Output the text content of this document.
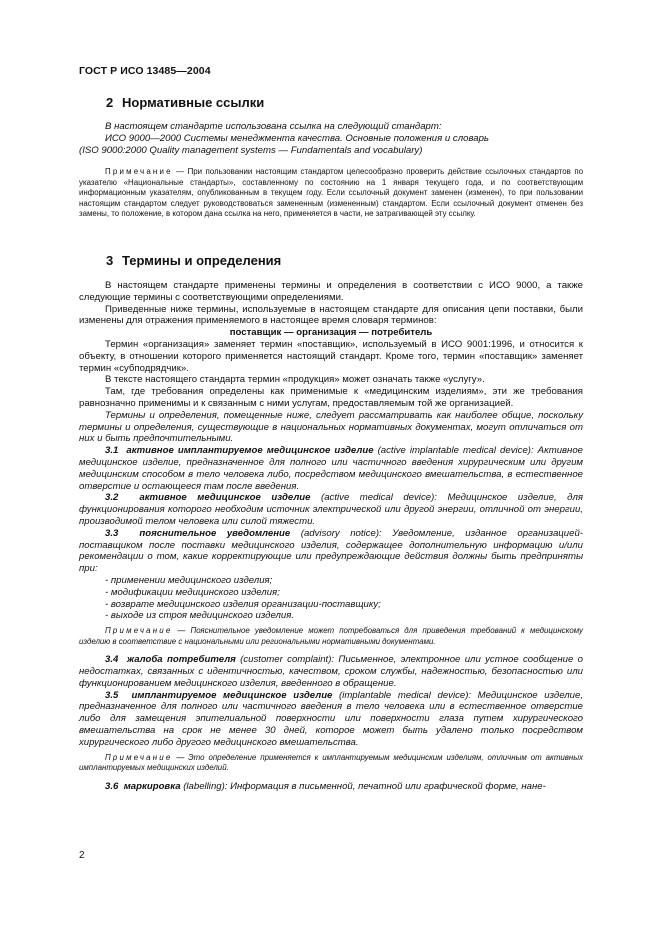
ГОСТ Р ИСО 13485—2004
2 Нормативные ссылки

В настоящем стандарте использована ссылка на следующий стандарт:

ИСО 9000—2000 Системы менеджмента качества. Основные положения и словарь

(ISO 9000:2000 Quality management systems — Fundamentals and vocabulary)

Примечание — При пользовании настоящим стандартом целесообразно проверить действие ссылочных стандартов по указателю «Национальные стандарты», составленному по состоянию на 1 января текущего года, и по соответствующим информационным указателям, опубликованным в текущем году. Если ссылочный документ заменен (изменен), то при пользовании настоящим стандартом следует руководствоваться замененным (измененным) стандартом. Если ссылочный документ отменен без замены, то положение, в котором дана ссылка на него, применяется в части, не затрагивающей эту ссылку.

3 Термины и определения

В настоящем стандарте применены термины и определения в соответствии с ИСО 9000, а также следующие термины с соответствующими определениями.

Приведенные ниже термины, используемые в настоящем стандарте для описания цепи поставки, были изменены для отражения применяемого в настоящее время словаря терминов:

поставщик — организация — потребитель

Термин «организация» заменяет термин «поставщик», используемый в ИСО 9001:1996, и относится к объекту, в отношении которого применяется настоящий стандарт. Кроме того, термин «поставщик» заменяет термин «субподрядчик».

В тексте настоящего стандарта термин «продукция» может означать также «услугу».

Там, где требования определены как применимые к «медицинским изделиям», эти же требования равнозначно применимы и к связанным с ними услугам, предоставляемым той же организацией.

Термины и определения, помещенные ниже, следует рассматривать как наиболее общие, поскольку термины и определения, существующие в национальных нормативных документах, могут отличаться от них и быть предпочтительными.

3.1 активное имплантируемое медицинское изделие (active implantable medical device): Активное медицинское изделие, предназначенное для полного или частичного введения хирургическим или другим медицинским способом в тело человека либо, посредством медицинского вмешательства, в естественное отверстие и остающееся там после введения.

3.2 активное медицинское изделие (active medical device): Медицинское изделие, для функционирования которого необходим источник электрической или другой энергии, отличной от энергии, производимой телом человека или силой тяжести.

3.3 пояснительное уведомление (advisory notice): Уведомление, изданное организацией-поставщиком после поставки медицинского изделия, содержащее дополнительную информацию и/или рекомендации о том, какие корректирующие или предупреждающие действия должны быть предприняты при:

- применении медицинского изделия;
- модификации медицинского изделия;
- возврате медицинского изделия организации-поставщику;
- выходе из строя медицинского изделия.

Примечание — Пояснительное уведомление может потребоваться для приведения требований к медицинскому изделию в соответствие с национальными или региональными нормативными документами.

3.4 жалоба потребителя (customer complaint): Письменное, электронное или устное сообщение о недостатках, связанных с идентичностью, качеством, сроком службы, надежностью, безопасностью или функционированием медицинского изделия, введенного в обращение.

3.5 имплантируемое медицинское изделие (implantable medical device): Медицинское изделие, предназначенное для полного или частичного введения в тело человека или в естественное отверстие либо для замещения эпителиальной поверхности или поверхности глаза путем хирургического вмешательства на срок не менее 30 дней, которое может быть удалено только посредством хирургического либо другого медицинского вмешательства.

Примечание — Это определение применяется к имплантируемым медицинским изделиям, отличным от активных имплантируемых медицинских изделий.

3.6 маркировка (labelling): Информация в письменной, печатной или графической форме, нане-

2
